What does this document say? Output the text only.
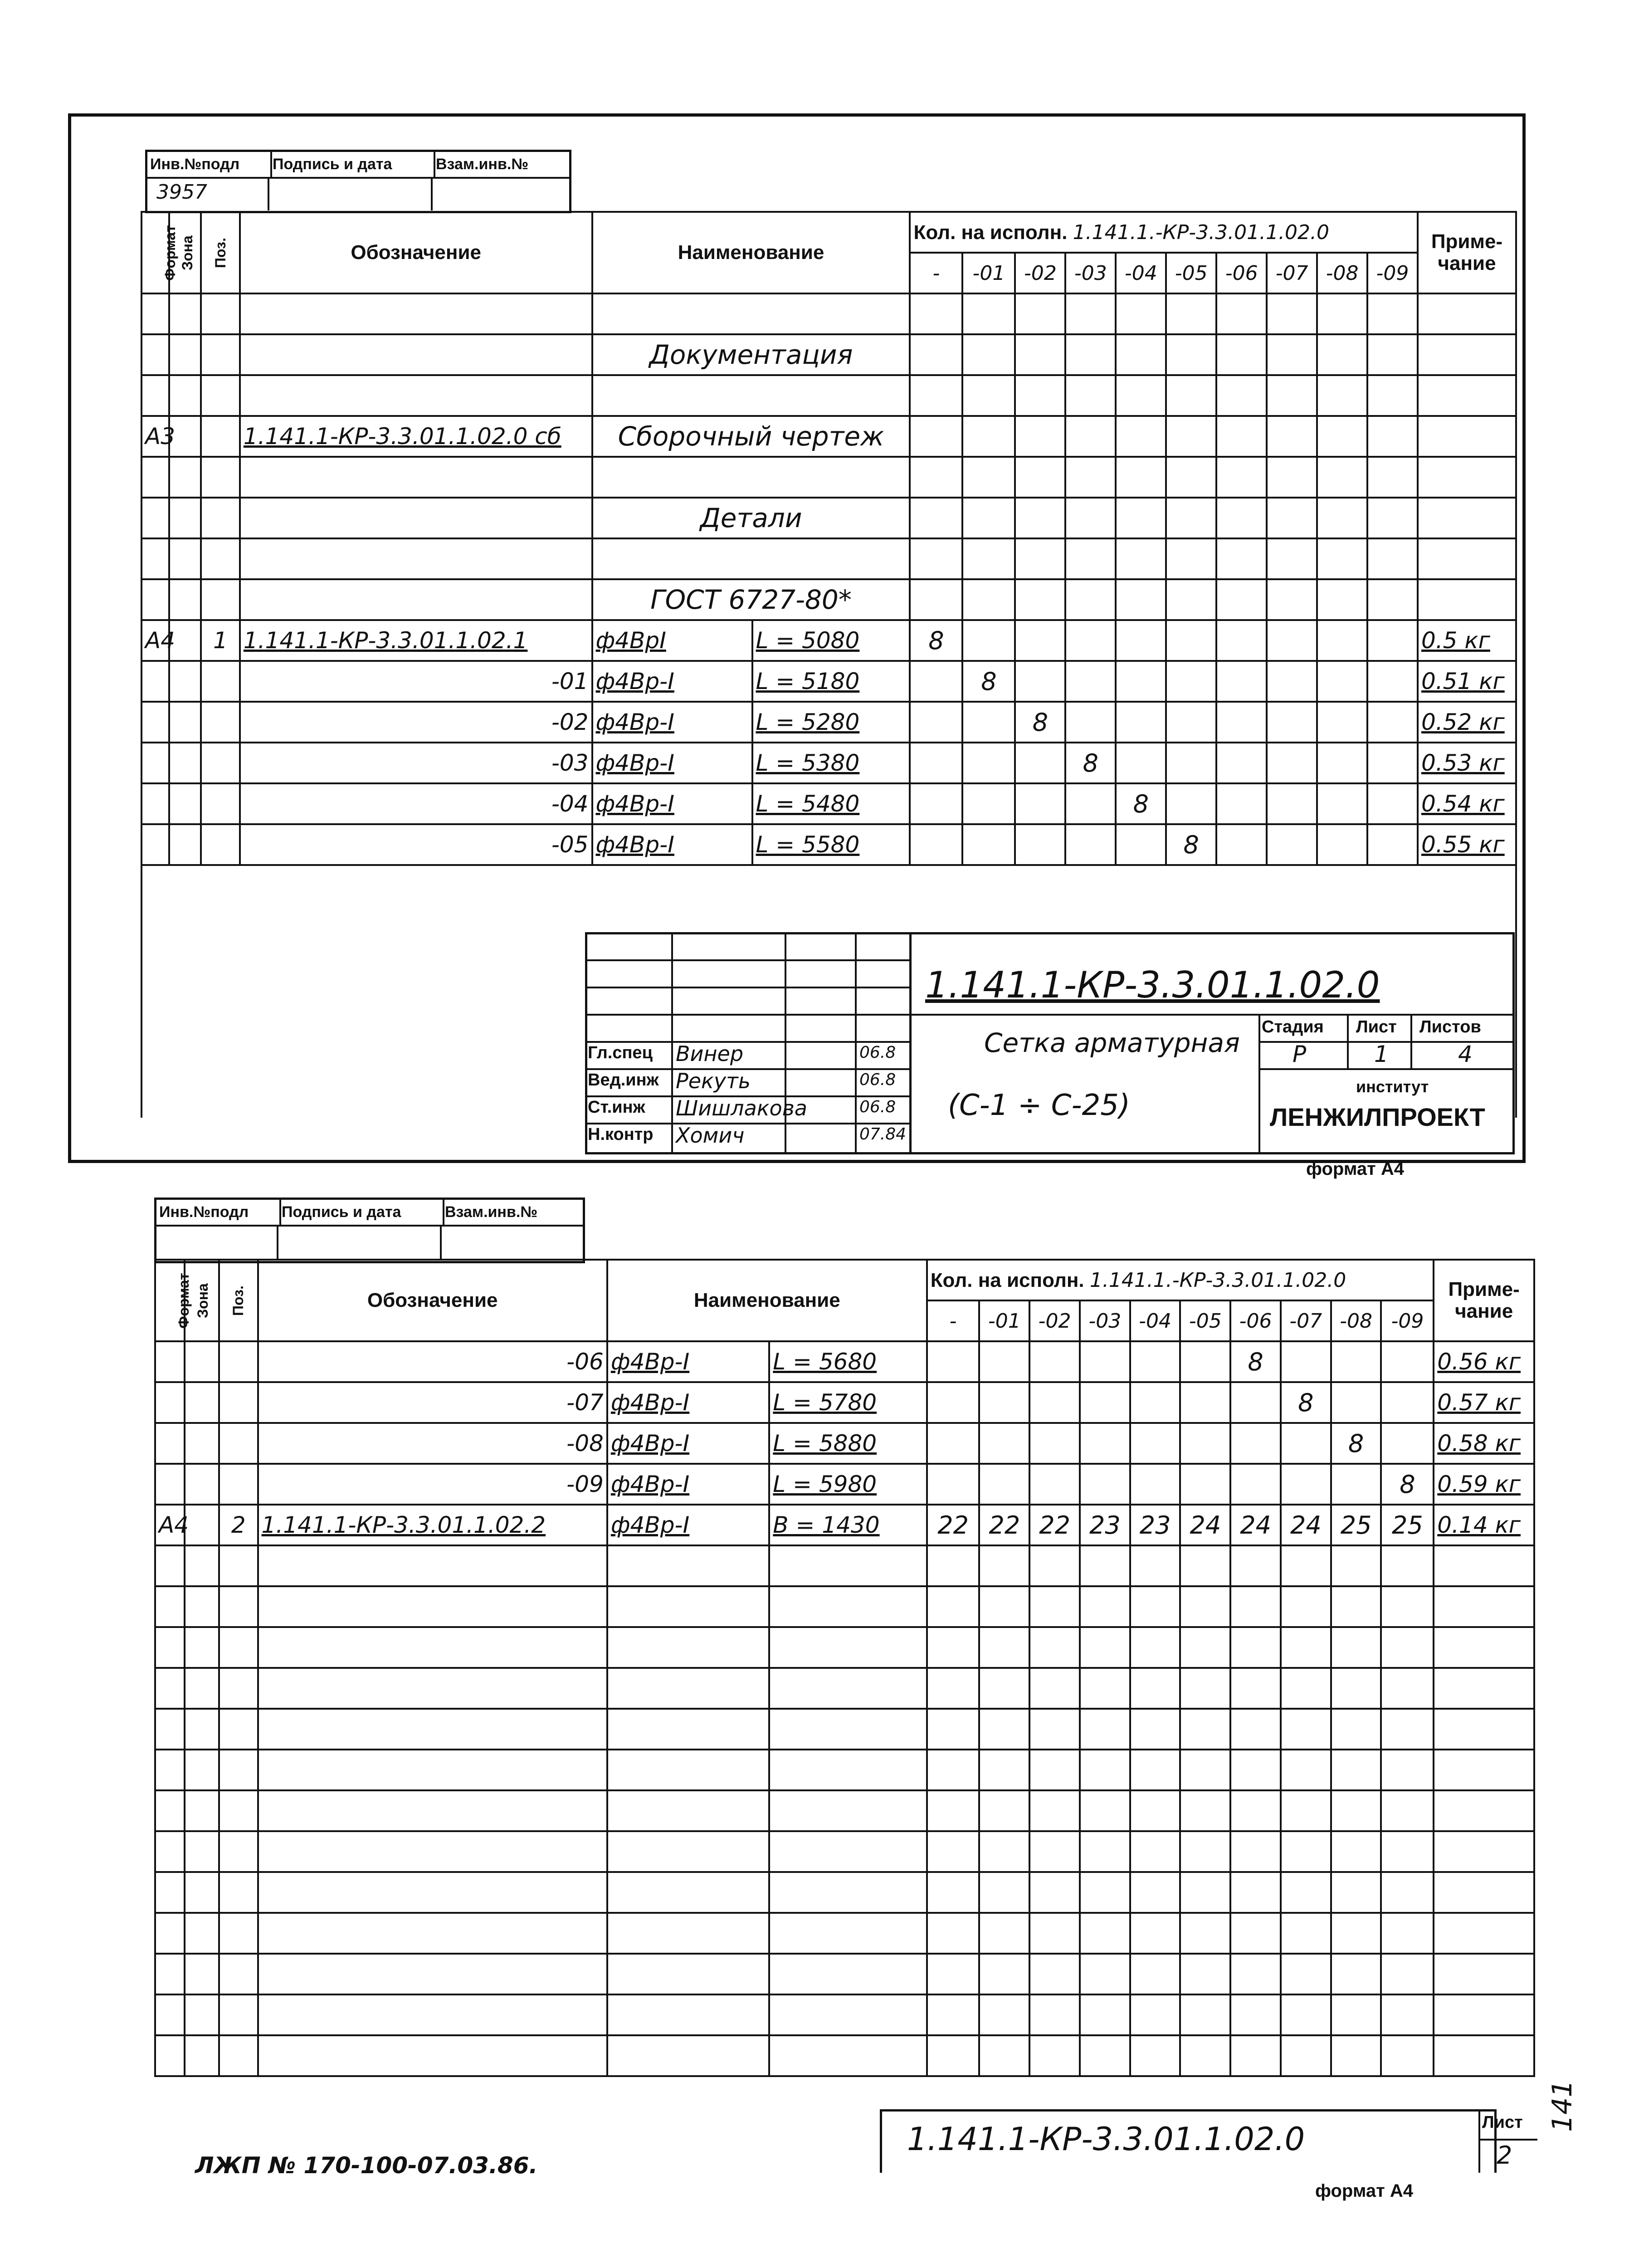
Инв.№подл	Подпись и дата	Взам.инв.№
3957
Формат	Зона	Поз.	Обозначение	Наименование		Кол. на исполн. 1.141.1.-КР-3.3.01.1.02.0										Приме-чание
						-	-01	-02	-03	-04	-05	-06	-07	-08	-09	

				Документация												

А3			1.141.1-КР-3.3.01.1.02.0 сб	Сборочный чертеж												

				Детали												

				ГОСТ 6727-80*												
А4		1	1.141.1-КР-3.3.01.1.02.1	ф4ВрI	L = 5080	8										0.5 кг
			-01	ф4Вр-I	L = 5180		8									0.51 кг
			-02	ф4Вр-I	L = 5280			8								0.52 кг
			-03	ф4Вр-I	L = 5380				8							0.53 кг
			-04	ф4Вр-I	L = 5480					8						0.54 кг
			-05	ф4Вр-I	L = 5580						8					0.55 кг

Гл.спец Винер	06.8
Вед.инж Рекуть	06.8
Ст.инж Шишлакова	06.8
Н.контр Хомич	07.84
1.141.1-КР-3.3.01.1.02.0
Сетка арматурная
(С-1 ÷ С-25)
Стадия Лист Листов
Р	1	4
институт
ЛЕНЖИЛПРОЕКТ
формат А4
Инв.№подл	Подпись и дата	Взам.инв.№
Формат	Зона	Поз.	Обозначение	Наименование		Кол. на исполн. 1.141.1.-КР-3.3.01.1.02.0										Приме-чание
						-	-01	-02	-03	-04	-05	-06	-07	-08	-09	
			-06	ф4Вр-I	L = 5680							8				0.56 кг
			-07	ф4Вр-I	L = 5780								8			0.57 кг
			-08	ф4Вр-I	L = 5880									8		0.58 кг
			-09	ф4Вр-I	L = 5980										8	0.59 кг
А4		2	1.141.1-КР-3.3.01.1.02.2	ф4Вр-I	В = 1430	22	22	22	23	23	24	24	24	25	25	0.14 кг

1.141.1-КР-3.3.01.1.02.0	Лист
2
ЛЖП № 170-100-07.03.86.
формат А4
141
